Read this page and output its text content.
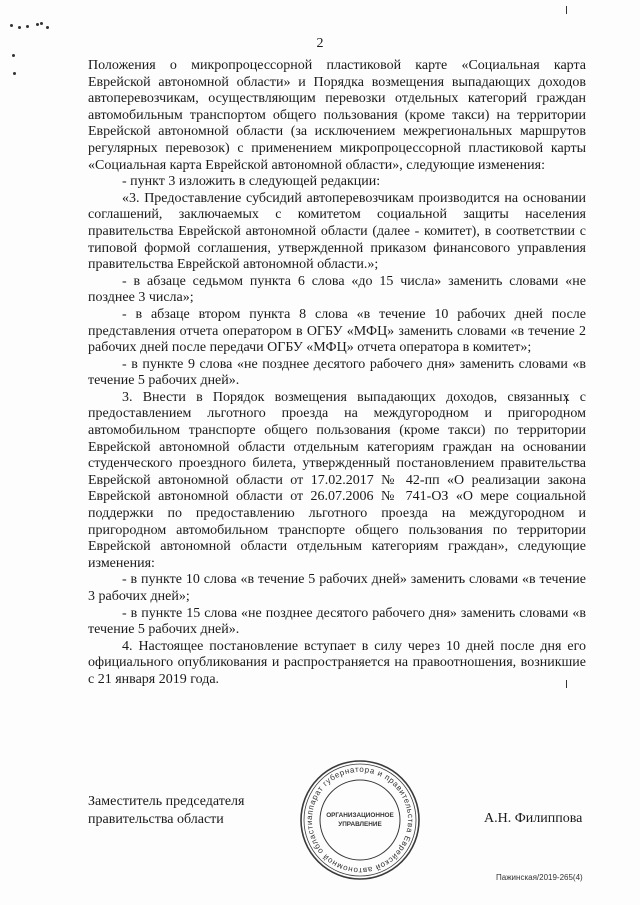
2

Положения о микропроцессорной пластиковой карте «Социальная карта Еврейской автономной области» и Порядка возмещения выпадающих доходов автоперевозчикам, осуществляющим перевозки отдельных категорий граждан автомобильным транспортом общего пользования (кроме такси) на территории Еврейской автономной области (за исключением межрегиональных маршрутов регулярных перевозок) с применением микропроцессорной пластиковой карты «Социальная карта Еврейской автономной области», следующие изменения:

- пункт 3 изложить в следующей редакции:

«3. Предоставление субсидий автоперевозчикам производится на основании соглашений, заключаемых с комитетом социальной защиты населения правительства Еврейской автономной области (далее - комитет), в соответствии с типовой формой соглашения, утвержденной приказом финансового управления правительства Еврейской автономной области.»;

- в абзаце седьмом пункта 6 слова «до 15 числа» заменить словами «не позднее 3 числа»;

- в абзаце втором пункта 8 слова «в течение 10 рабочих дней после представления отчета оператором в ОГБУ «МФЦ» заменить словами «в течение 2 рабочих дней после передачи ОГБУ «МФЦ» отчета оператора в комитет»;

- в пункте 9 слова «не позднее десятого рабочего дня» заменить словами «в течение 5 рабочих дней».

3. Внести в Порядок возмещения выпадающих доходов, связанных с предоставлением льготного проезда на междугородном и пригородном автомобильном транспорте общего пользования (кроме такси) по территории Еврейской автономной области отдельным категориям граждан на основании студенческого проездного билета, утвержденный постановлением правительства Еврейской автономной области от 17.02.2017 № 42-пп «О реализации закона Еврейской автономной области от 26.07.2006 № 741-ОЗ «О мере социальной поддержки по предоставлению льготного проезда на междугородном и пригородном автомобильном транспорте общего пользования по территории Еврейской автономной области отдельным категориям граждан», следующие изменения:

- в пункте 10 слова «в течение 5 рабочих дней» заменить словами «в течение 3 рабочих дней»;

- в пункте 15 слова «не позднее десятого рабочего дня» заменить словами «в течение 5 рабочих дней».

4. Настоящее постановление вступает в силу через 10 дней после дня его официального опубликования и распространяется на правоотношения, возникшие с 21 января 2019 года.

Заместитель председателя
правительства области	аппарат губернатора и правительства Еврейской автономной области
ОРГАНИЗАЦИОННОЕ
УПРАВЛЕНИЕ	А.Н. Филиппова
Пажинская/2019-265(4)
